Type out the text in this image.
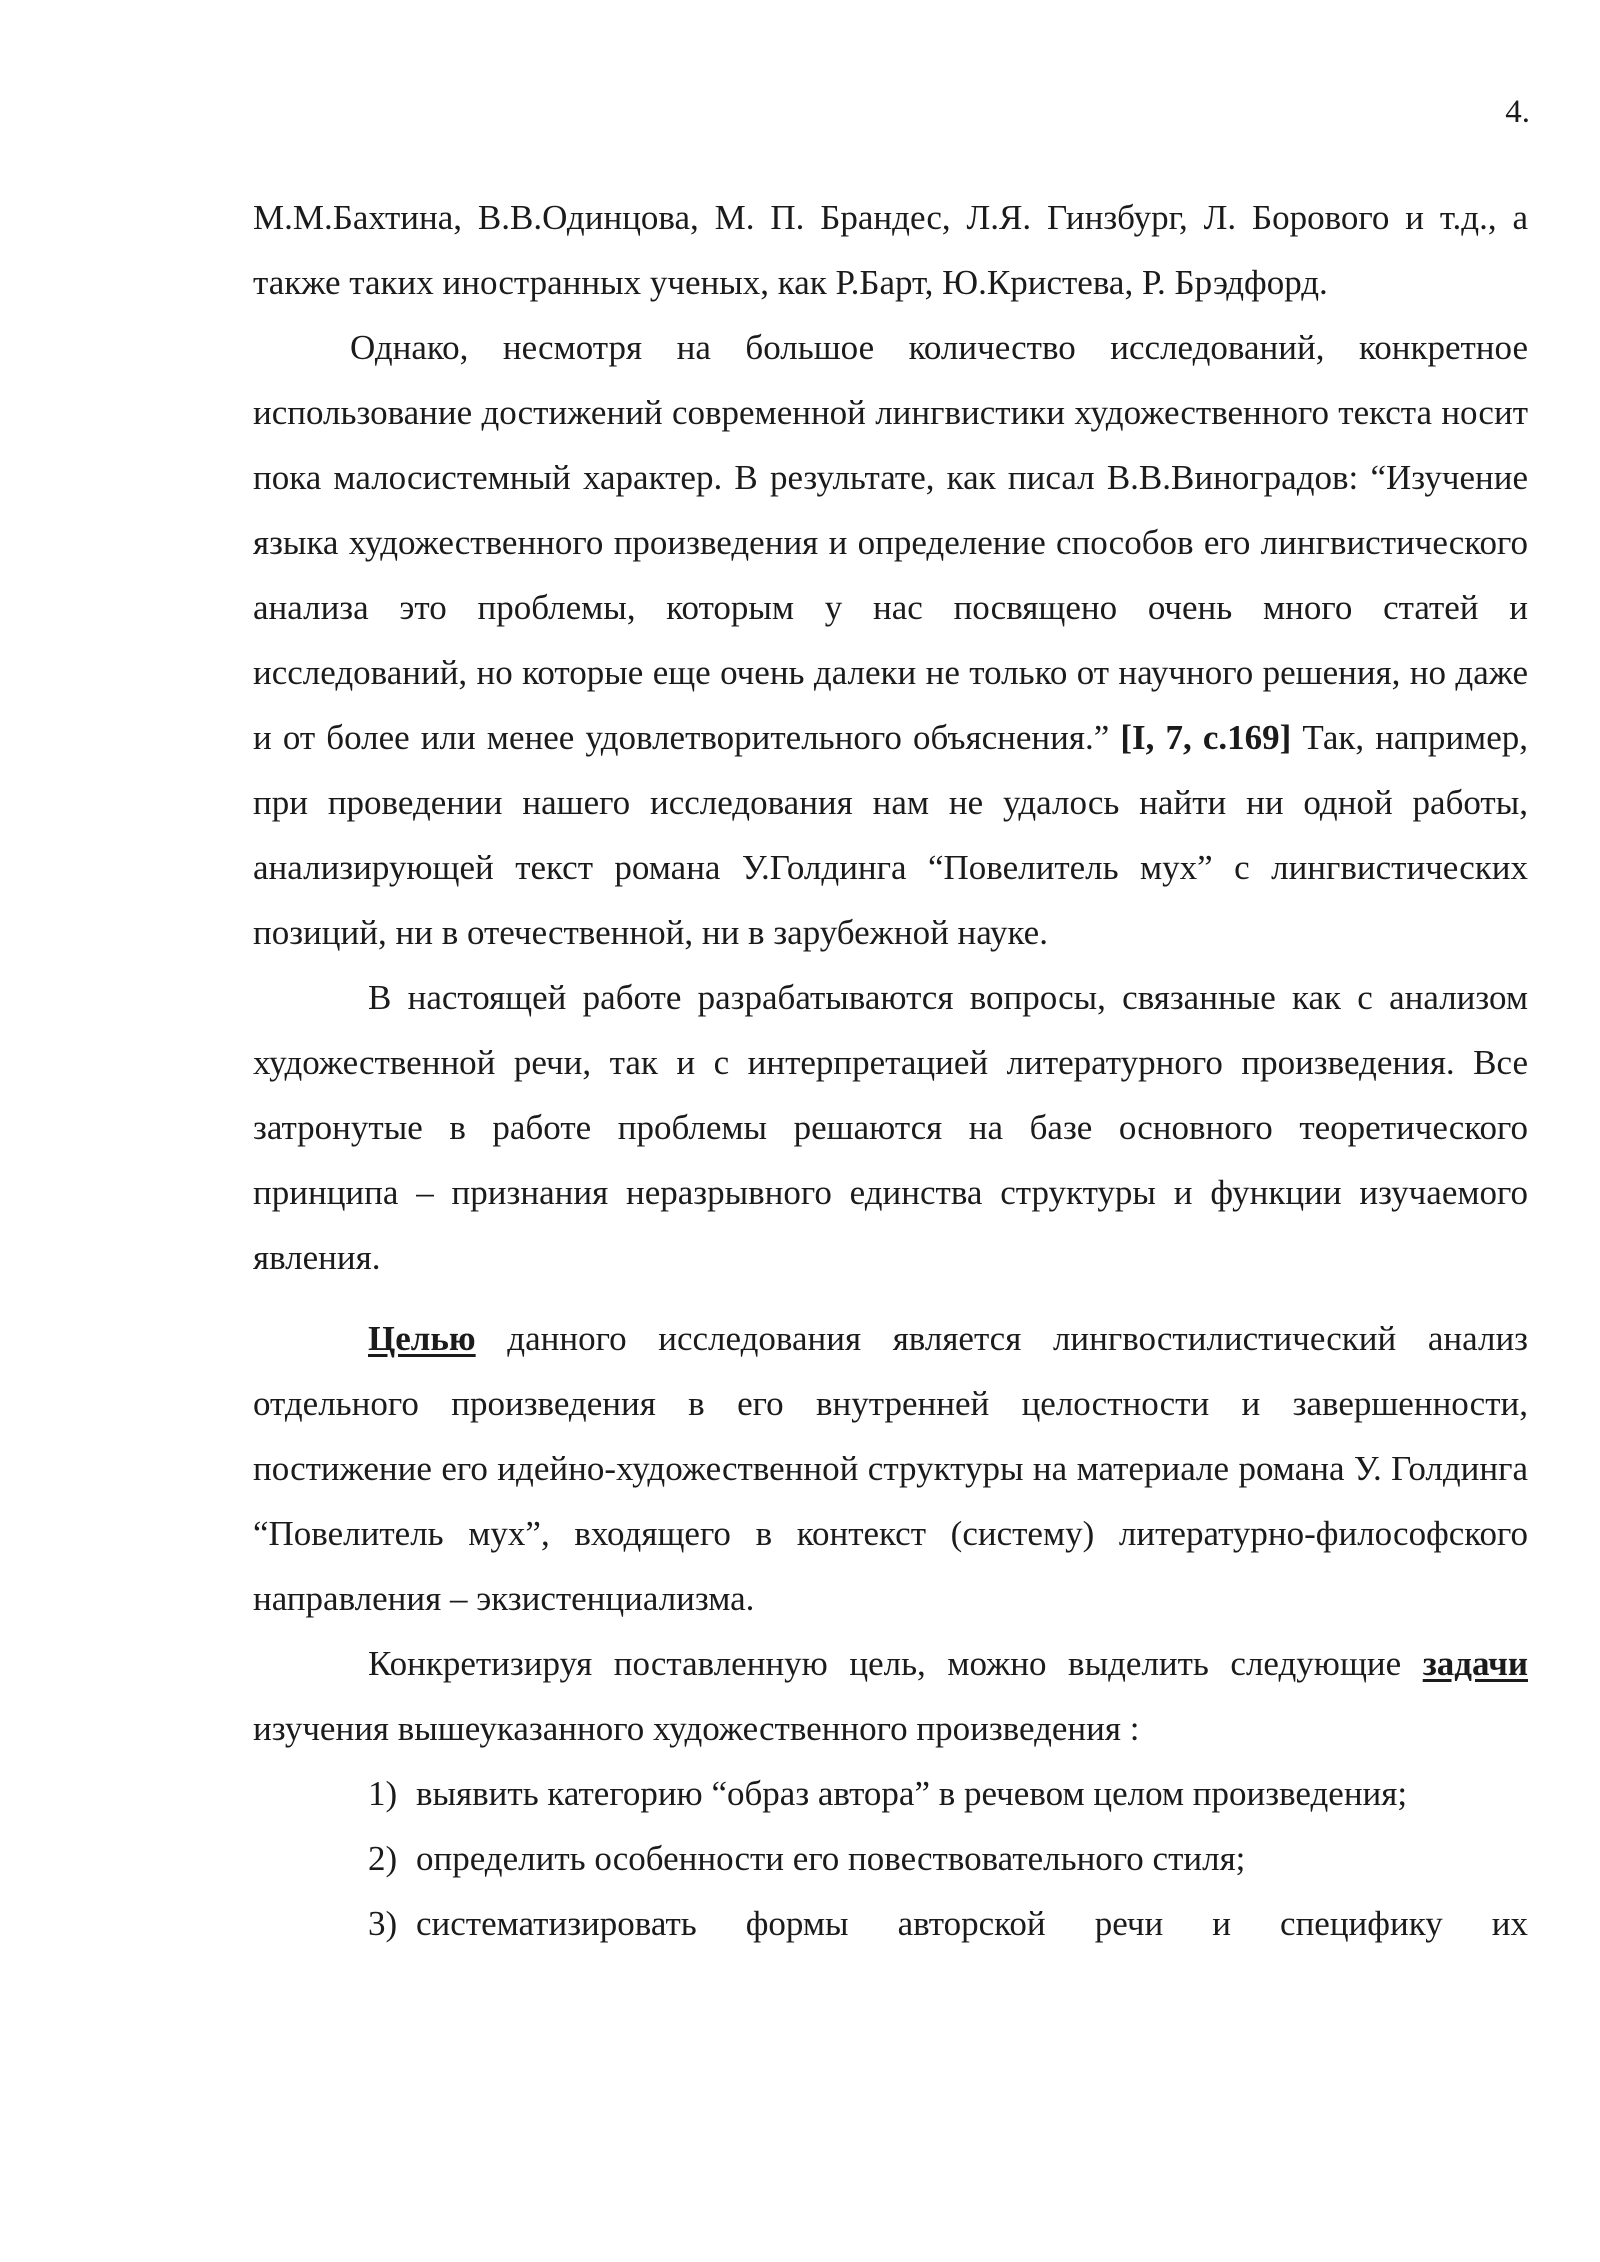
4.

М.М.Бахтина, В.В.Одинцова, М. П. Брандес, Л.Я. Гинзбург, Л. Борового и т.д., а также таких иностранных ученых, как Р.Барт, Ю.Кристева, Р. Брэдфорд.

Однако, несмотря на большое количество исследований, конкретное использование достижений современной лингвистики художественного текста носит пока малосистемный характер. В результате, как писал В.В.Виноградов: “Изучение языка художественного произведения и определение способов его лингвистического анализа это проблемы, которым у нас посвящено очень много статей и исследований, но которые еще очень далеки не только от научного решения, но даже и от более или менее удовлетворительного объяснения.” [I, 7, с.169] Так, например, при проведении нашего исследования нам не удалось найти ни одной работы, анализирующей текст романа У.Голдинга “Повелитель мух” с лингвистических позиций, ни в отечественной, ни в зарубежной науке.

В настоящей работе разрабатываются вопросы, связанные как с анализом художественной речи, так и с интерпретацией литературного произведения. Все затронутые в работе проблемы решаются на базе основного теоретического принципа – признания неразрывного единства структуры и функции изучаемого явления.

Целью данного исследования является лингвостилистический анализ отдельного произведения в его внутренней целостности и завершенности, постижение его идейно-художественной структуры на материале романа У. Голдинга “Повелитель мух”, входящего в контекст (систему) литературно-философского направления – экзистенциализма.

Конкретизируя поставленную цель, можно выделить следующие задачи изучения вышеуказанного художественного произведения :

1) выявить категорию “образ автора” в речевом целом произведения;
2) определить особенности его повествовательного стиля;
3) систематизировать формы авторской речи и специфику их
